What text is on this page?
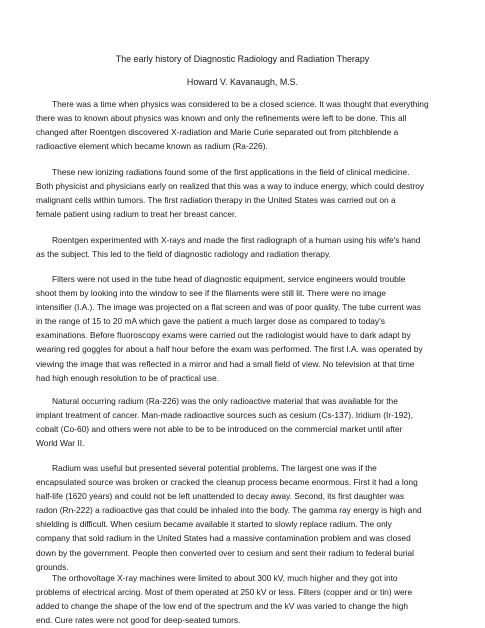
The early history of Diagnostic Radiology and Radiation Therapy
Howard V. Kavanaugh, M.S.
There was a time when physics was considered to be a closed science. It was thought that everything
there was to known about physics was known and only the refinements were left to be done. This all
changed after Roentgen discovered X-radiation and Marie Curie separated out from pitchblende a
radioactive element which became known as radium (Ra-226).
These new ionizing radiations found some of the first applications in the field of clinical medicine.
Both physicist and physicians early on realized that this was a way to induce energy, which could destroy
malignant cells within tumors. The first radiation therapy in the United States was carried out on a
female patient using radium to treat her breast cancer.
Roentgen experimented with X-rays and made the first radiograph of a human using his wife's hand
as the subject. This led to the field of diagnostic radiology and radiation therapy.
Filters were not used in the tube head of diagnostic equipment, service engineers would trouble
shoot them by looking into the window to see if the filaments were still lit. There were no image
intensifier (I.A.). The image was projected on a flat screen and was of poor quality. The tube current was
in the range of 15 to 20 mA which gave the patient a much larger dose as compared to today's
examinations. Before fluoroscopy exams were carried out the radiologist would have to dark adapt by
wearing red goggles for about a half hour before the exam was performed. The first I.A. was operated by
viewing the image that was reflected in a mirror and had a small field of view. No television at that time
had high enough resolution to be of practical use.
Natural occurring radium (Ra-226) was the only radioactive material that was available for the
implant treatment of cancer. Man-made radioactive sources such as cesium (Cs-137). Iridium (Ir-192),
cobalt (Co-60) and others were not able to be to be introduced on the commercial market until after
World War II.
Radium was useful but presented several potential problems. The largest one was if the
encapsulated source was broken or cracked the cleanup process became enormous. First it had a long
half-life (1620 years) and could not be left unattended to decay away. Second, its first daughter was
radon (Rn-222) a radioactive gas that could be inhaled into the body. The gamma ray energy is high and
shielding is difficult. When cesium became available it started to slowly replace radium. The only
company that sold radium in the United States had a massive contamination problem and was closed
down by the government. People then converted over to cesium and sent their radium to federal burial
grounds.
The orthovoltage X-ray machines were limited to about 300 kV, much higher and they got into
problems of electrical arcing. Most of them operated at 250 kV or less. Filters (copper and or tin) were
added to change the shape of the low end of the spectrum and the kV was varied to change the high
end. Cure rates were not good for deep-seated tumors.
